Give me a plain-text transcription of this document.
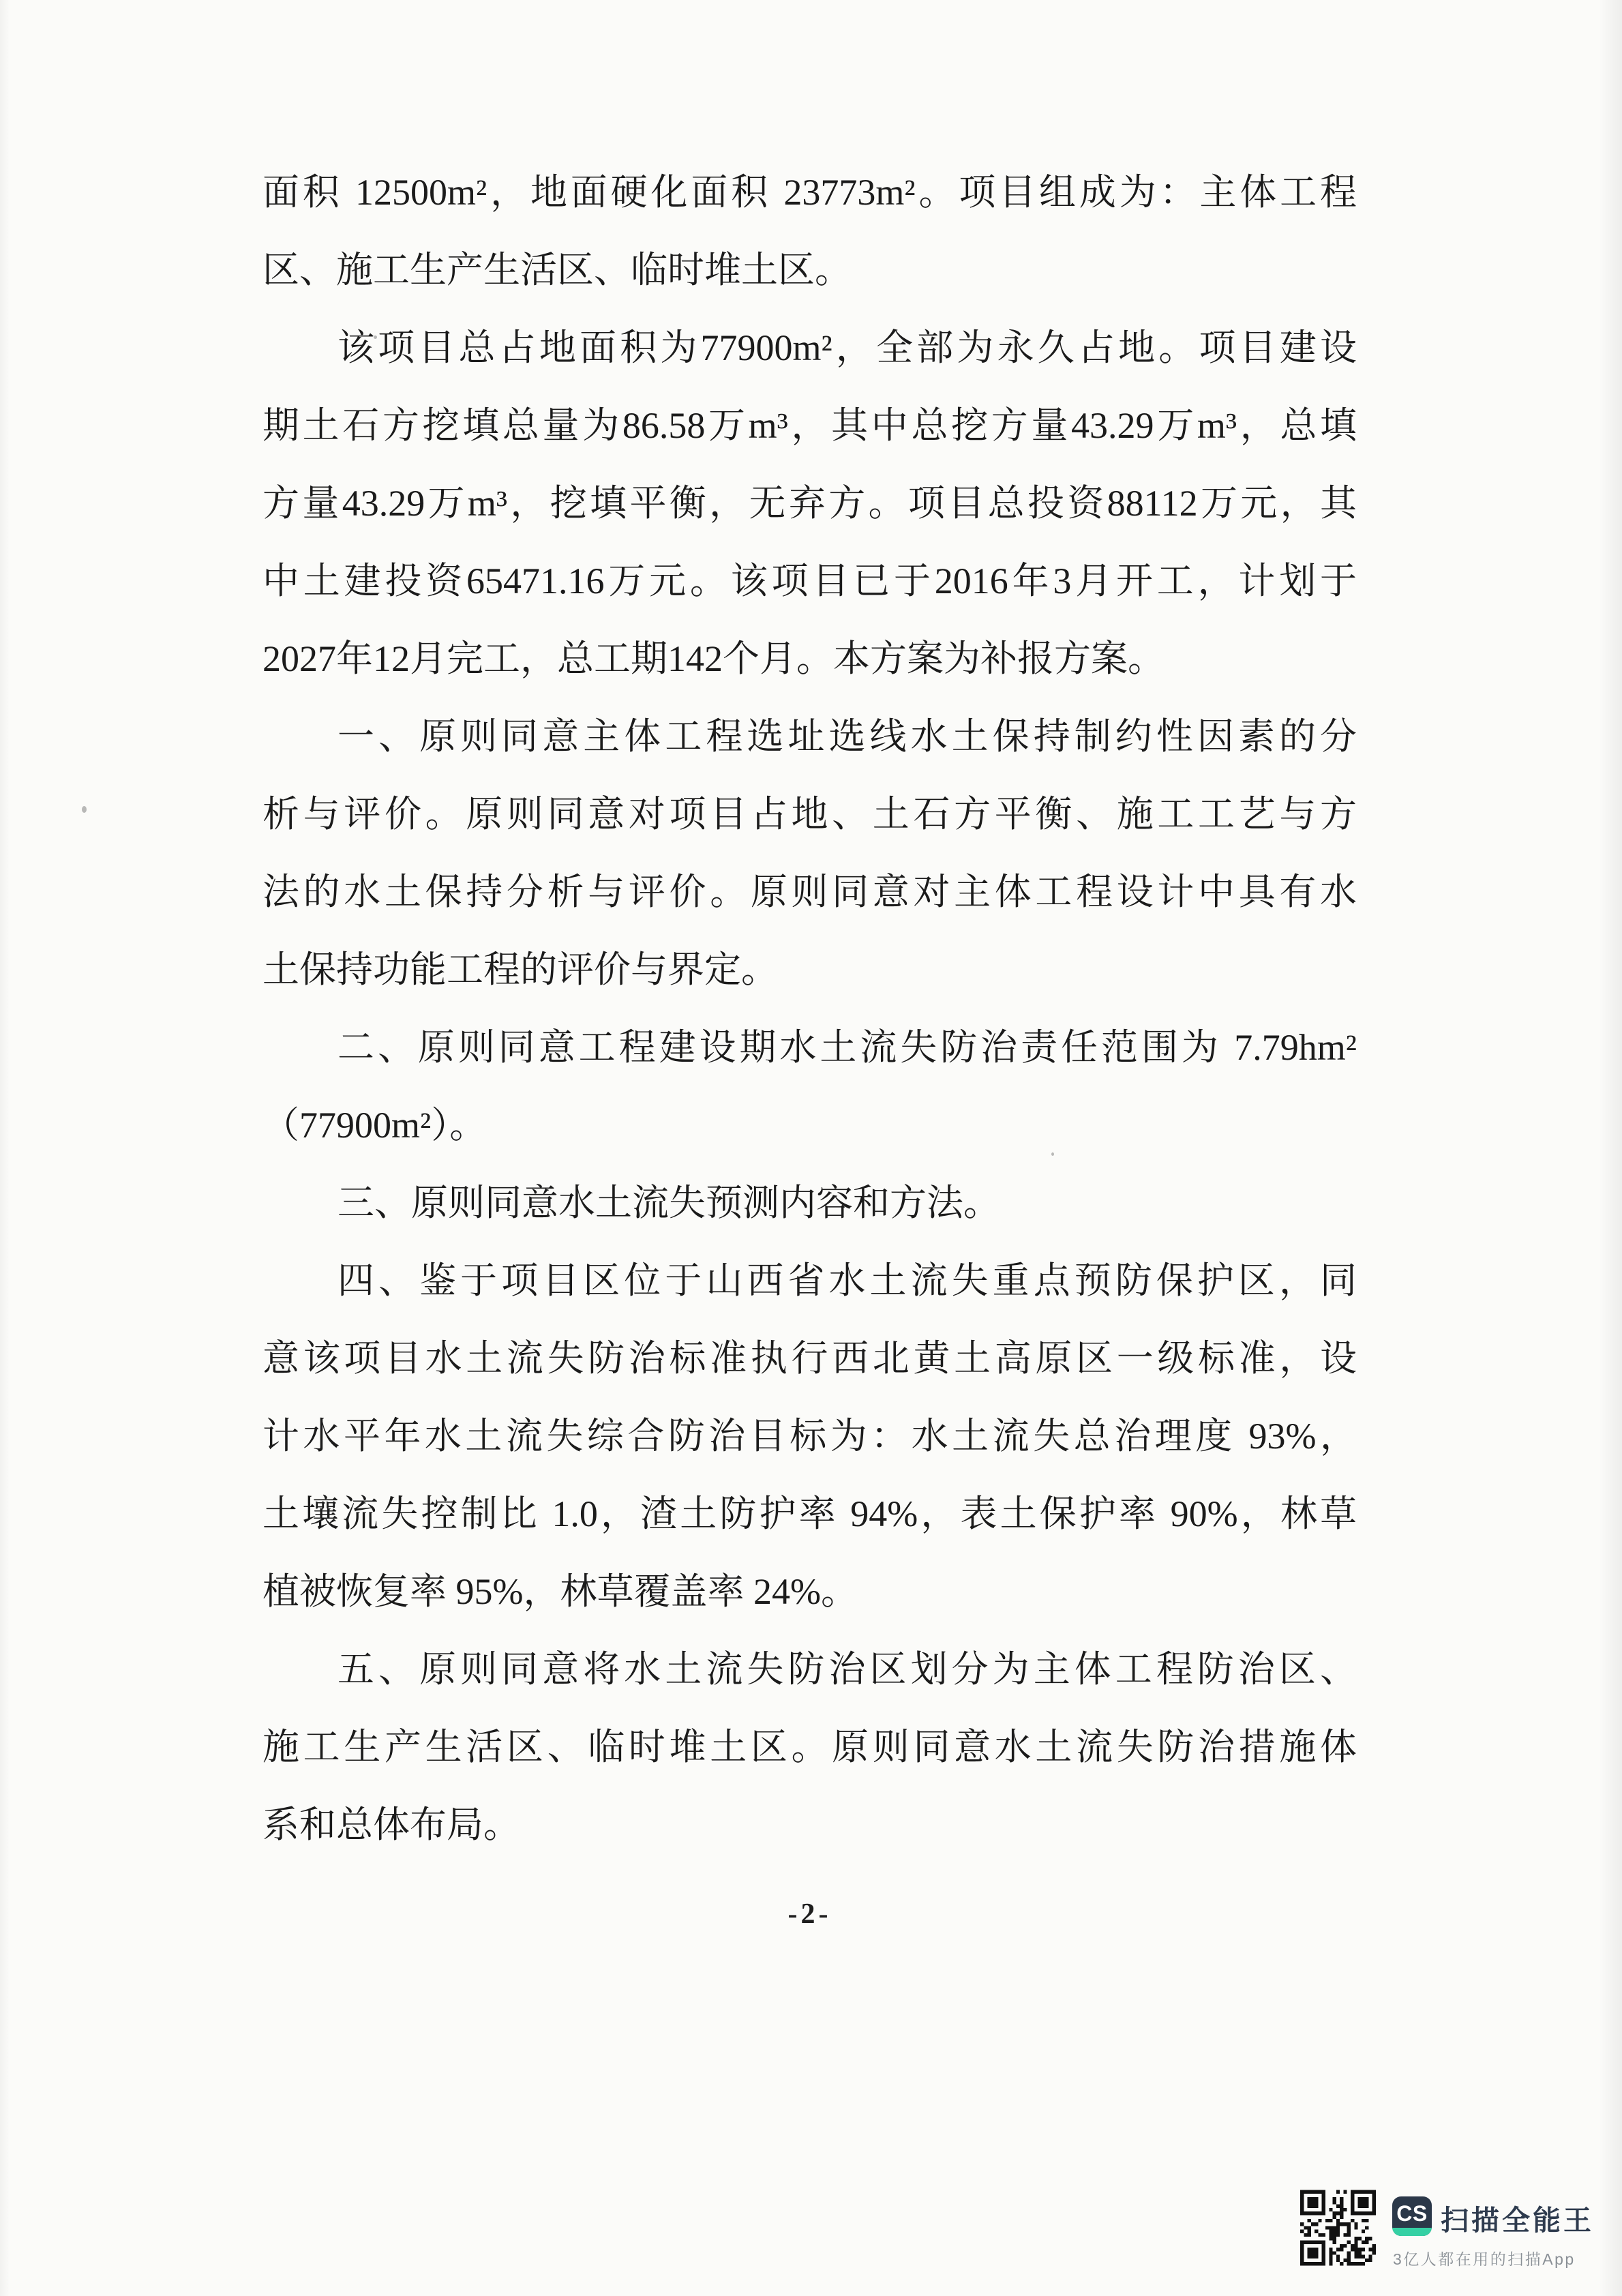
面积 12500m²，地面硬化面积 23773m²。项目组成为：主体工程
区、施工生产生活区、临时堆土区。
该项目总占地面积为77900m²，全部为永久占地。项目建设
期土石方挖填总量为86.58万m³，其中总挖方量43.29万m³，总填
方量43.29万m³，挖填平衡，无弃方。项目总投资88112万元，其
中土建投资65471.16万元。该项目已于2016年3月开工，计划于
2027年12月完工，总工期142个月。本方案为补报方案。
一、原则同意主体工程选址选线水土保持制约性因素的分
析与评价。原则同意对项目占地、土石方平衡、施工工艺与方
法的水土保持分析与评价。原则同意对主体工程设计中具有水
土保持功能工程的评价与界定。
二、原则同意工程建设期水土流失防治责任范围为 7.79hm²
（77900m²）。
三、原则同意水土流失预测内容和方法。
四、鉴于项目区位于山西省水土流失重点预防保护区，同
意该项目水土流失防治标准执行西北黄土高原区一级标准，设
计水平年水土流失综合防治目标为：水土流失总治理度 93%，
土壤流失控制比 1.0，渣土防护率 94%，表土保护率 90%，林草
植被恢复率 95%，林草覆盖率 24%。
五、原则同意将水土流失防治区划分为主体工程防治区、
施工生产生活区、临时堆土区。原则同意水土流失防治措施体
系和总体布局。
-2-
CS 扫描全能王
3亿人都在用的扫描App
